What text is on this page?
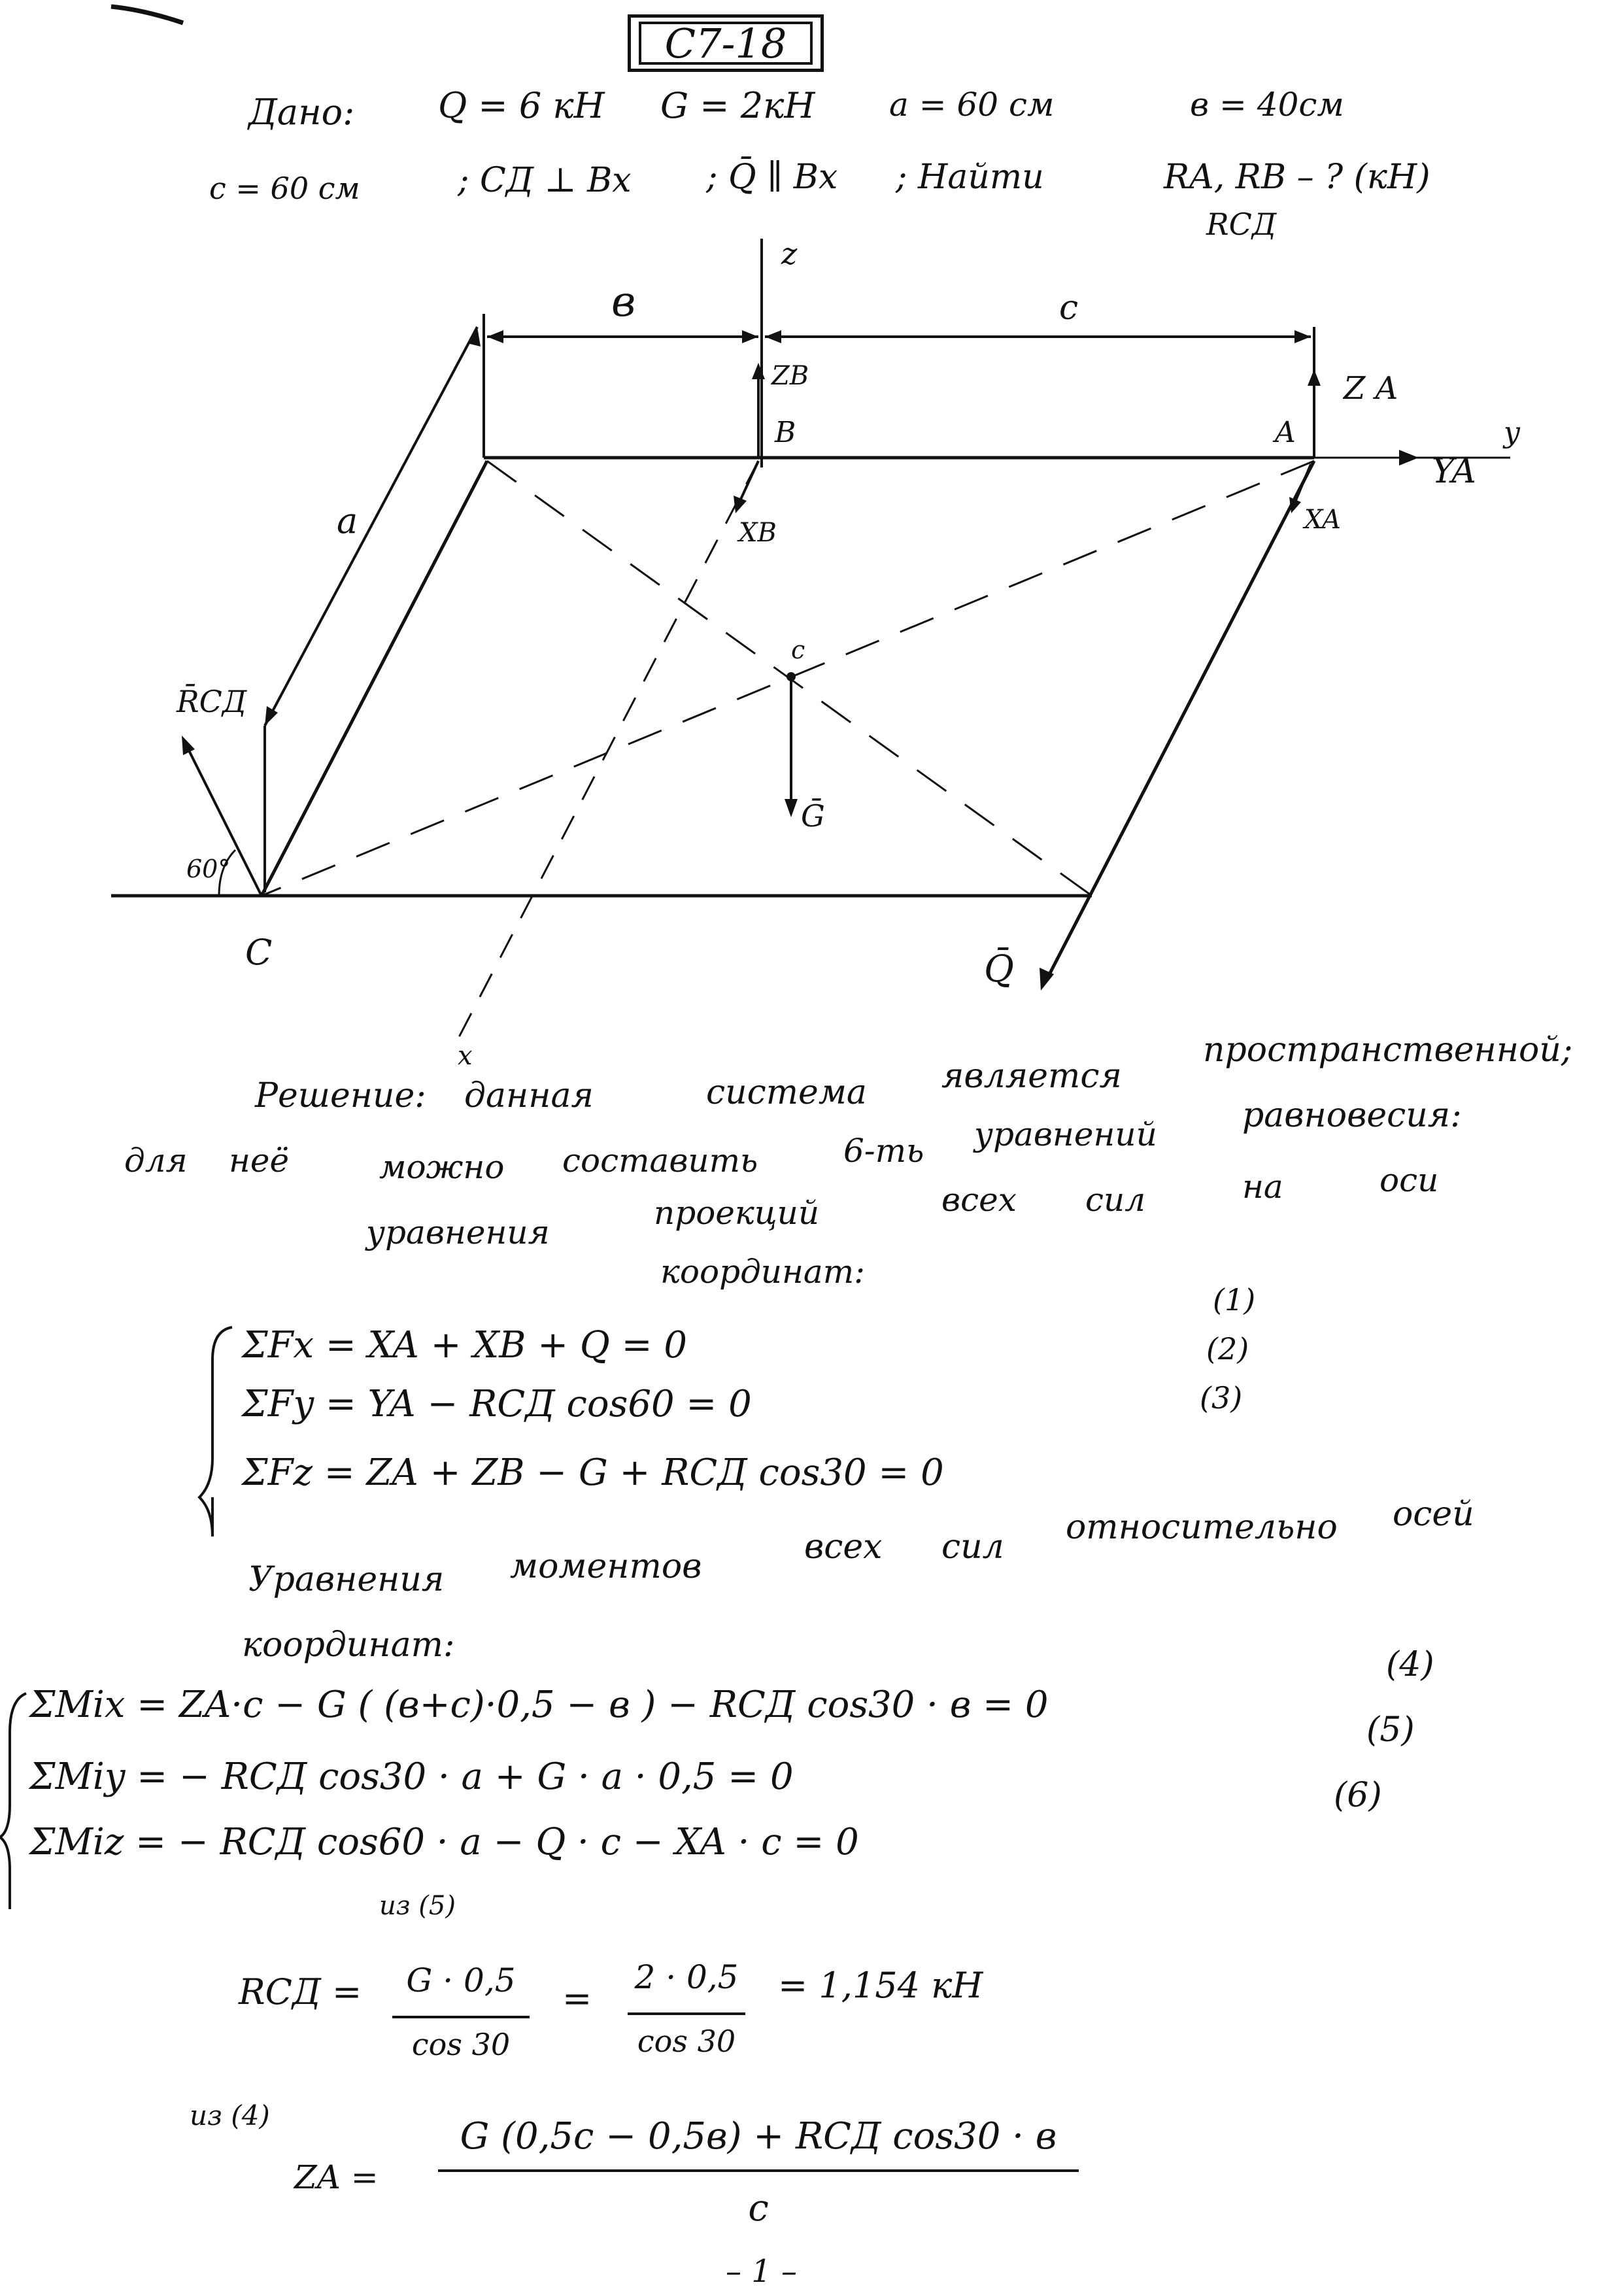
C7-18
Дано: Q = 6 кН G = 2кН a = 60 см	в = 40см
c = 60 см	; СД ⊥ Вх ; Q̄ ∥ Вх ; Найти	RA, RB – ? (кН)
RСД
z
в	c
ZB	Z A
B	A	y
YA
a	XB	XA
c
R̄CД
Ḡ
60°
C	Q̄
x
Решение: данная	система является
пространственной;
для неё	можно составить	6-ть уравнений	равновесия:
уравнения
проекций	всех сил	на	оси
координат:
(1)
(2)
(3)
ΣFx = XA + XB + Q = 0
ΣFy = YA − RСД cos60 = 0
ΣFz = ZA + ZB − G + RСД cos30 = 0
Уравнения моментов	всех сил относительно осей
координат:	(4)
(5)
(6)
ΣMix = ZA·c − G ( (в+c)·0,5 − в ) − RСД cos30 · в = 0
ΣMiy = − RСД cos30 · a + G · a · 0,5 = 0
ΣMiz = − RСД cos60 · a − Q · c − XA · c = 0
из (5)
RСД =	G · 0,5
cos 30
=
2 · 0,5
cos 30
= 1,154 кН
из (4)
ZA =
G (0,5c − 0,5в) + RСД cos30 · в
c
– 1 –
